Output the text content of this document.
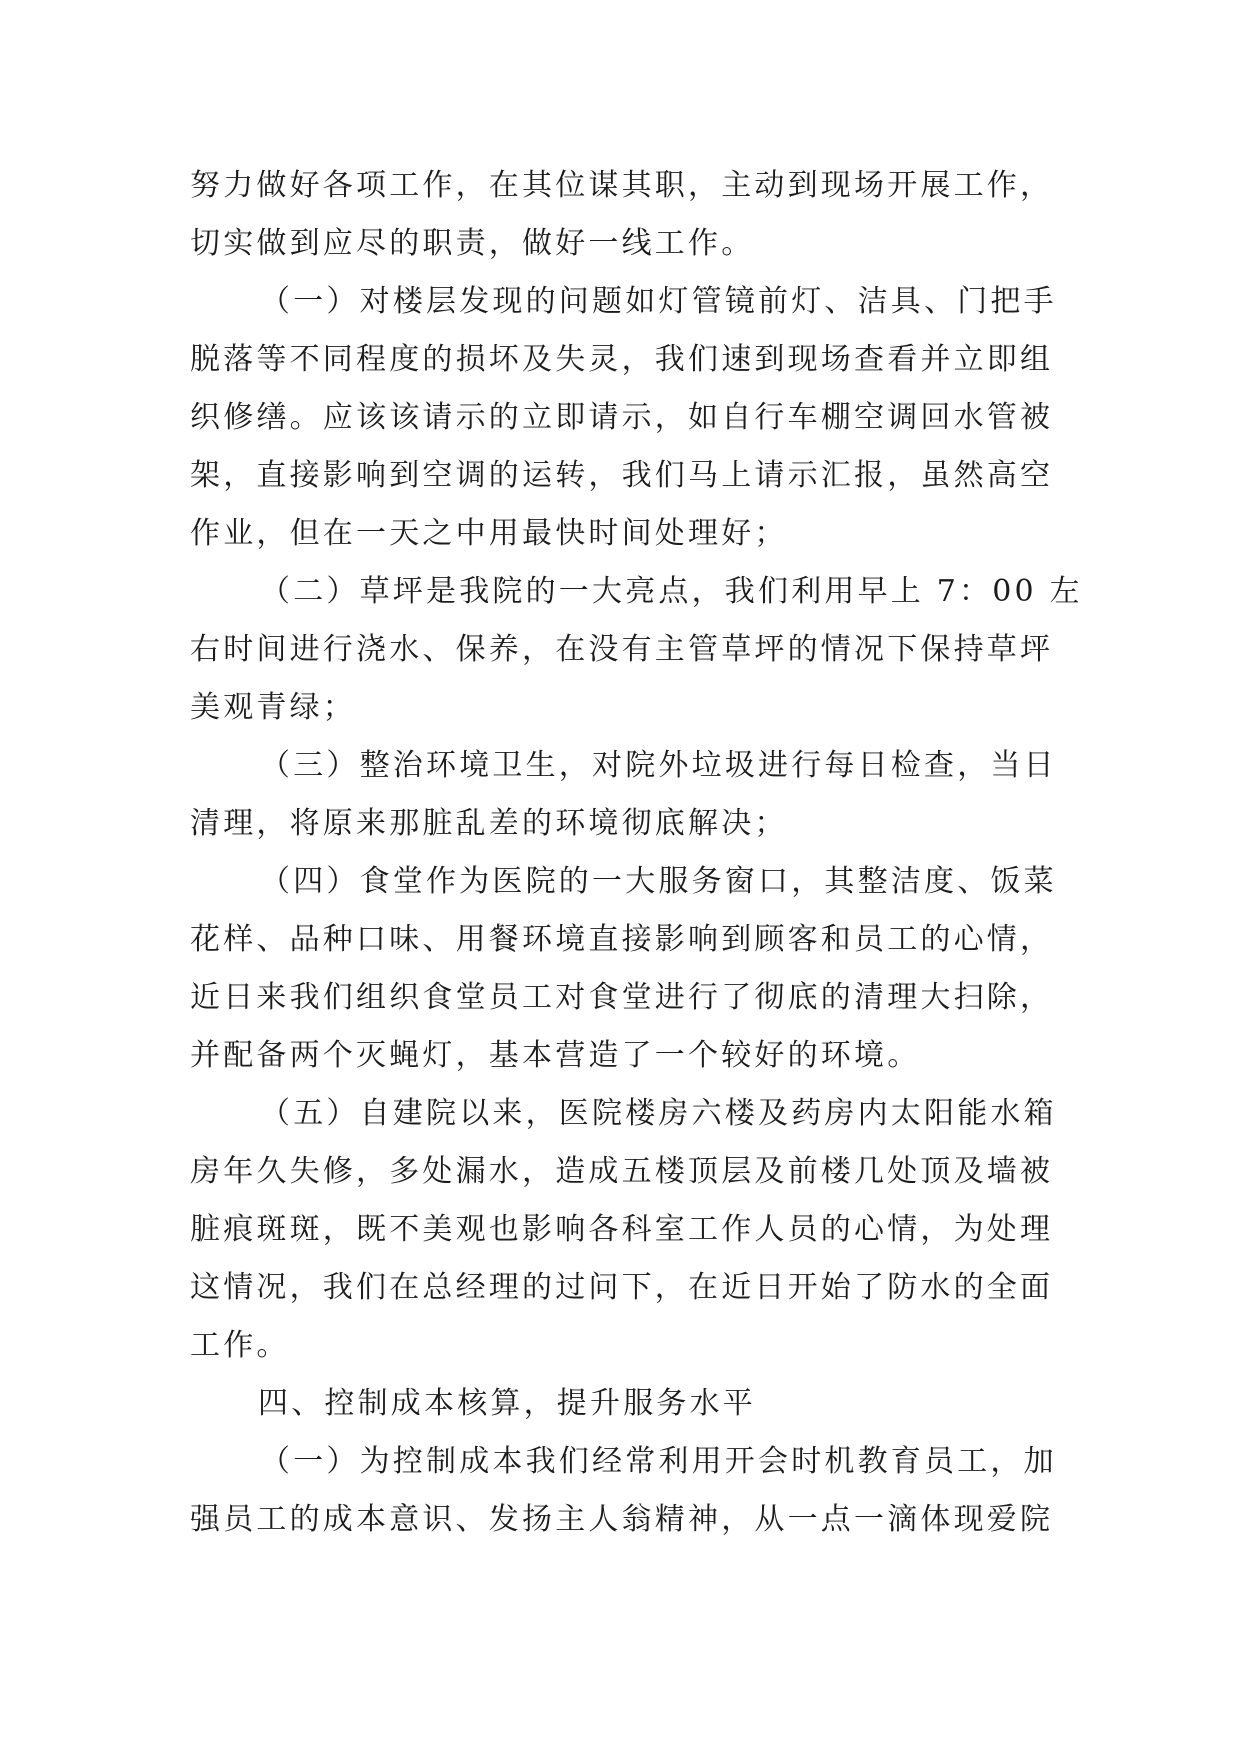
努力做好各项工作，在其位谋其职，主动到现场开展工作，
切实做到应尽的职责，做好一线工作。
（一）对楼层发现的问题如灯管镜前灯、洁具、门把手
脱落等不同程度的损坏及失灵，我们速到现场查看并立即组
织修缮。应该该请示的立即请示，如自行车棚空调回水管被
架，直接影响到空调的运转，我们马上请示汇报，虽然高空
作业，但在一天之中用最快时间处理好；
（二）草坪是我院的一大亮点，我们利用早上 7：00 左
右时间进行浇水、保养，在没有主管草坪的情况下保持草坪
美观青绿；
（三）整治环境卫生，对院外垃圾进行每日检查，当日
清理，将原来那脏乱差的环境彻底解决；
（四）食堂作为医院的一大服务窗口，其整洁度、饭菜
花样、品种口味、用餐环境直接影响到顾客和员工的心情，
近日来我们组织食堂员工对食堂进行了彻底的清理大扫除，
并配备两个灭蝇灯，基本营造了一个较好的环境。
（五）自建院以来，医院楼房六楼及药房内太阳能水箱
房年久失修，多处漏水，造成五楼顶层及前楼几处顶及墙被
脏痕斑斑，既不美观也影响各科室工作人员的心情，为处理
这情况，我们在总经理的过问下，在近日开始了防水的全面
工作。
四、控制成本核算，提升服务水平
（一）为控制成本我们经常利用开会时机教育员工，加
强员工的成本意识、发扬主人翁精神，从一点一滴体现爱院
